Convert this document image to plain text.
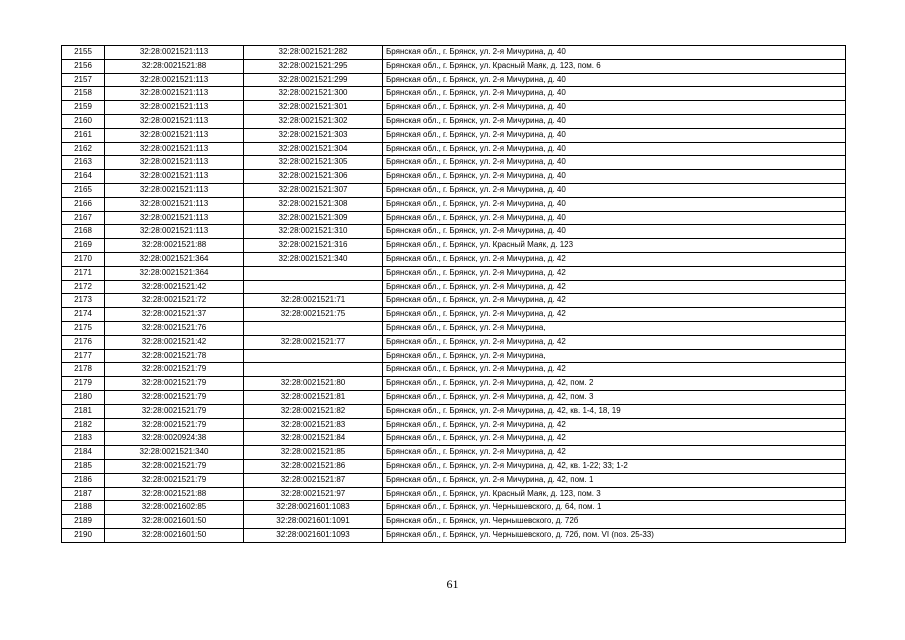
2155	32:28:0021521:113	32:28:0021521:282	Брянская обл., г. Брянск, ул. 2-я Мичурина, д. 40
2156	32:28:0021521:88	32:28:0021521:295	Брянская обл., г. Брянск, ул. Красный Маяк, д. 123, пом. 6
2157	32:28:0021521:113	32:28:0021521:299	Брянская обл., г. Брянск, ул. 2-я Мичурина, д. 40
2158	32:28:0021521:113	32:28:0021521:300	Брянская обл., г. Брянск, ул. 2-я Мичурина, д. 40
2159	32:28:0021521:113	32:28:0021521:301	Брянская обл., г. Брянск, ул. 2-я Мичурина, д. 40
2160	32:28:0021521:113	32:28:0021521:302	Брянская обл., г. Брянск, ул. 2-я Мичурина, д. 40
2161	32:28:0021521:113	32:28:0021521:303	Брянская обл., г. Брянск, ул. 2-я Мичурина, д. 40
2162	32:28:0021521:113	32:28:0021521:304	Брянская обл., г. Брянск, ул. 2-я Мичурина, д. 40
2163	32:28:0021521:113	32:28:0021521:305	Брянская обл., г. Брянск, ул. 2-я Мичурина, д. 40
2164	32:28:0021521:113	32:28:0021521:306	Брянская обл., г. Брянск, ул. 2-я Мичурина, д. 40
2165	32:28:0021521:113	32:28:0021521:307	Брянская обл., г. Брянск, ул. 2-я Мичурина, д. 40
2166	32:28:0021521:113	32:28:0021521:308	Брянская обл., г. Брянск, ул. 2-я Мичурина, д. 40
2167	32:28:0021521:113	32:28:0021521:309	Брянская обл., г. Брянск, ул. 2-я Мичурина, д. 40
2168	32:28:0021521:113	32:28:0021521:310	Брянская обл., г. Брянск, ул. 2-я Мичурина, д. 40
2169	32:28:0021521:88	32:28:0021521:316	Брянская обл., г. Брянск, ул. Красный Маяк, д. 123
2170	32:28:0021521:364	32:28:0021521:340	Брянская обл., г. Брянск, ул. 2-я Мичурина, д. 42
2171	32:28:0021521:364		Брянская обл., г. Брянск, ул. 2-я Мичурина, д. 42
2172	32:28:0021521:42		Брянская обл., г. Брянск, ул. 2-я Мичурина, д. 42
2173	32:28:0021521:72	32:28:0021521:71	Брянская обл., г. Брянск, ул. 2-я Мичурина, д. 42
2174	32:28:0021521:37	32:28:0021521:75	Брянская обл., г. Брянск, ул. 2-я Мичурина, д. 42
2175	32:28:0021521:76		Брянская обл., г. Брянск, ул. 2-я Мичурина,
2176	32:28:0021521:42	32:28:0021521:77	Брянская обл., г. Брянск, ул. 2-я Мичурина, д. 42
2177	32:28:0021521:78		Брянская обл., г. Брянск, ул. 2-я Мичурина,
2178	32:28:0021521:79		Брянская обл., г. Брянск, ул. 2-я Мичурина, д. 42
2179	32:28:0021521:79	32:28:0021521:80	Брянская обл., г. Брянск, ул. 2-я Мичурина, д. 42, пом. 2
2180	32:28:0021521:79	32:28:0021521:81	Брянская обл., г. Брянск, ул. 2-я Мичурина, д. 42, пом. 3
2181	32:28:0021521:79	32:28:0021521:82	Брянская обл., г. Брянск, ул. 2-я Мичурина, д. 42, кв. 1-4, 18, 19
2182	32:28:0021521:79	32:28:0021521:83	Брянская обл., г. Брянск, ул. 2-я Мичурина, д. 42
2183	32:28:0020924:38	32:28:0021521:84	Брянская обл., г. Брянск, ул. 2-я Мичурина, д. 42
2184	32:28:0021521:340	32:28:0021521:85	Брянская обл., г. Брянск, ул. 2-я Мичурина, д. 42
2185	32:28:0021521:79	32:28:0021521:86	Брянская обл., г. Брянск, ул. 2-я Мичурина, д. 42, кв. 1-22; 33; 1-2
2186	32:28:0021521:79	32:28:0021521:87	Брянская обл., г. Брянск, ул. 2-я Мичурина, д. 42, пом. 1
2187	32:28:0021521:88	32:28:0021521:97	Брянская обл., г. Брянск, ул. Красный Маяк, д. 123, пом. 3
2188	32:28:0021602:85	32:28:0021601:1083	Брянская обл., г. Брянск, ул. Чернышевского, д. 64, пом. 1
2189	32:28:0021601:50	32:28:0021601:1091	Брянская обл., г. Брянск, ул. Чернышевского, д. 72б
2190	32:28:0021601:50	32:28:0021601:1093	Брянская обл., г. Брянск, ул. Чернышевского, д. 72б, пом. VI (поз. 25-33)
61
